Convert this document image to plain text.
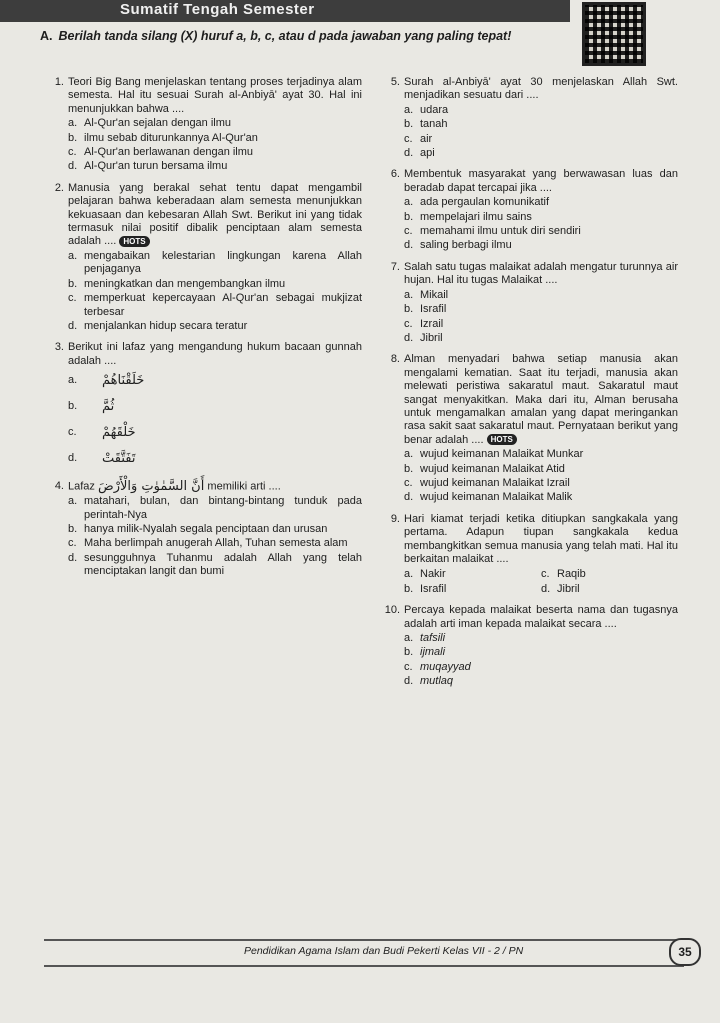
Sumatif Tengah Semester
A. Berilah tanda silang (X) huruf a, b, c, atau d pada jawaban yang paling tepat!
1. Teori Big Bang menjelaskan tentang proses terjadinya alam semesta. Hal itu sesuai Surah al-Anbiyā' ayat 30. Hal ini menunjukkan bahwa ....
a. Al-Qur'an sejalan dengan ilmu
b. ilmu sebab diturunkannya Al-Qur'an
c. Al-Qur'an berlawanan dengan ilmu
d. Al-Qur'an turun bersama ilmu
2. Manusia yang berakal sehat tentu dapat mengambil pelajaran bahwa keberadaan alam semesta menunjukkan kekuasaan dan kebesaran Allah Swt. Berikut ini yang tidak termasuk nilai positif dibalik penciptaan alam semesta adalah .... HOTS
a. mengabaikan kelestarian lingkungan karena Allah penjaganya
b. meningkatkan dan mengembangkan ilmu
c. memperkuat kepercayaan Al-Qur'an sebagai mukjizat terbesar
d. menjalankan hidup secara teratur
3. Berikut ini lafaz yang mengandung hukum bacaan gunnah adalah ....
a.	خَلَقْنَاهُمْ
b.	ثُمَّ
c.	خَلْقَهُمْ
d.	تَفَتَّقَتْ
4. Lafaz أَنَّ السَّمٰوٰتِ وَالْأَرْضَ memiliki arti ....
a. matahari, bulan, dan bintang-bintang tunduk pada perintah-Nya
b. hanya milik-Nyalah segala penciptaan dan urusan
c. Maha berlimpah anugerah Allah, Tuhan semesta alam
d. sesungguhnya Tuhanmu adalah Allah yang telah menciptakan langit dan bumi
5. Surah al-Anbiyā' ayat 30 menjelaskan Allah Swt. menjadikan sesuatu dari ....
a. udara
b. tanah
c. air
d. api
6. Membentuk masyarakat yang berwawasan luas dan beradab dapat tercapai jika ....
a. ada pergaulan komunikatif
b. mempelajari ilmu sains
c. memahami ilmu untuk diri sendiri
d. saling berbagi ilmu
7. Salah satu tugas malaikat adalah mengatur turunnya air hujan. Hal itu tugas Malaikat ....
a. Mikail
b. Israfil
c. Izrail
d. Jibril
8. Alman menyadari bahwa setiap manusia akan mengalami kematian. Saat itu terjadi, manusia akan melewati peristiwa sakaratul maut. Sakaratul maut sangat menyakitkan. Maka dari itu, Alman berusaha untuk mengamalkan amalan yang dapat meringankan rasa sakit saat sakaratul maut. Pernyataan berikut yang benar adalah .... HOTS
a. wujud keimanan Malaikat Munkar
b. wujud keimanan Malaikat Atid
c. wujud keimanan Malaikat Izrail
d. wujud keimanan Malaikat Malik
9. Hari kiamat terjadi ketika ditiupkan sangkakala yang pertama. Adapun tiupan sangkakala kedua membangkitkan semua manusia yang telah mati. Hal itu berkaitan malaikat ....
a. Nakir	c. Raqib
b. Israfil	d. Jibril
10. Percaya kepada malaikat beserta nama dan tugasnya adalah arti iman kepada malaikat secara ....
a. tafsili
b. ijmali
c. muqayyad
d. mutlaq
Pendidikan Agama Islam dan Budi Pekerti Kelas VII - 2 / PN	35
